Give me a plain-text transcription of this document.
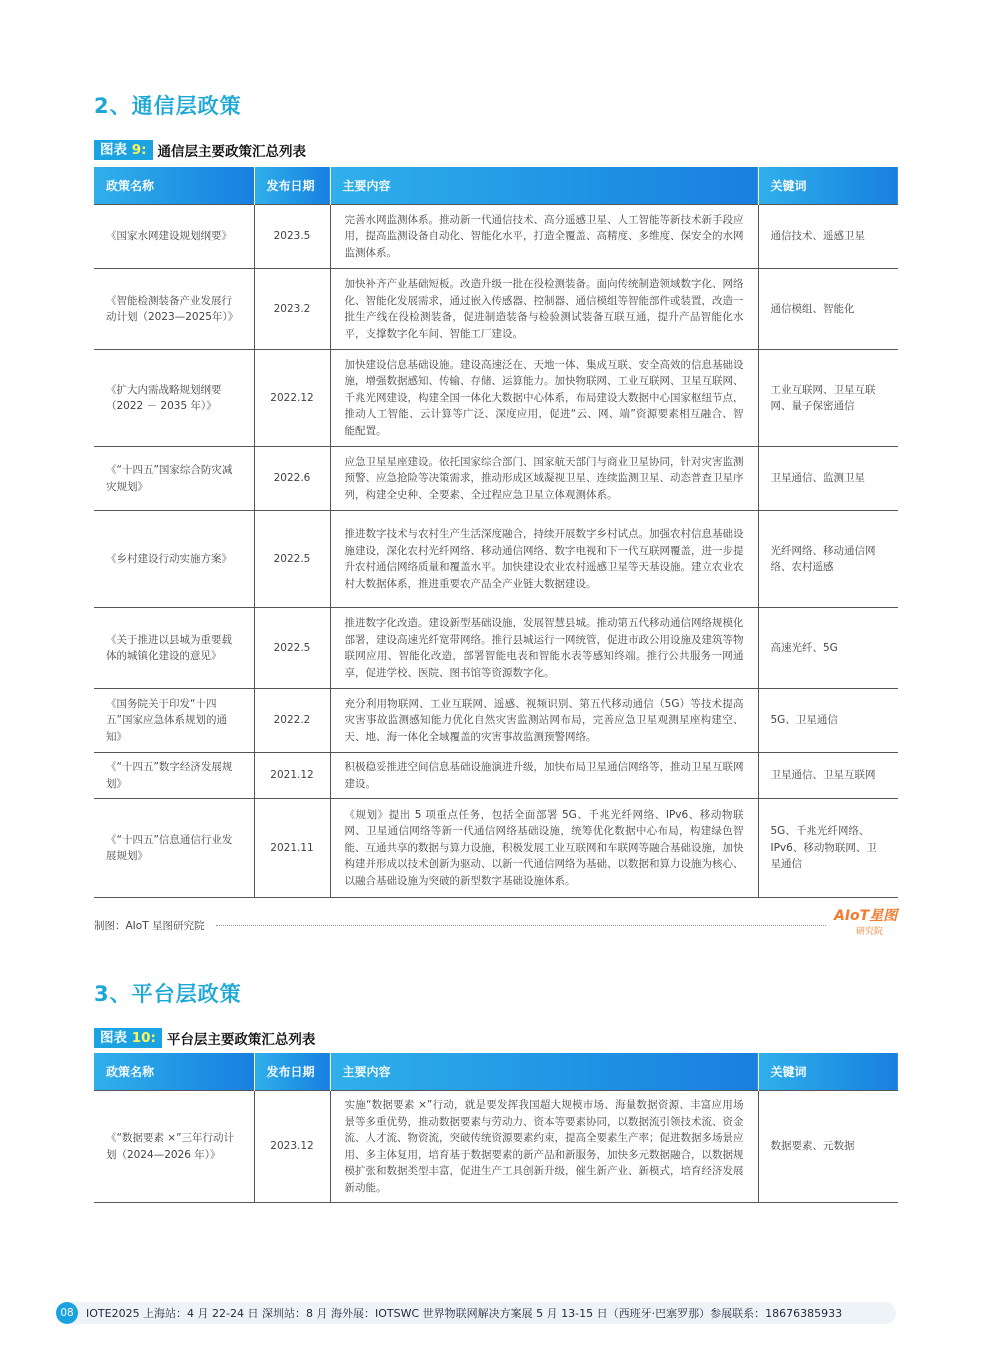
2、通信层政策
图表 9: 通信层主要政策汇总列表
政策名称	发布日期	主要内容	关键词
《国家水网建设规划纲要》	2023.5	完善水网监测体系。推动新一代通信技术、高分遥感卫星、人工智能等新技术新手段应用，提高监测设备自动化、智能化水平，打造全覆盖、高精度、多维度、保安全的水网监测体系。	通信技术、遥感卫星
《智能检测装备产业发展行动计划（2023—2025年）》	2023.2	加快补齐产业基础短板。改造升级一批在役检测装备。面向传统制造领域数字化、网络化、智能化发展需求，通过嵌入传感器、控制器、通信模组等智能部件或装置，改造一批生产线在役检测装备，促进制造装备与检验测试装备互联互通，提升产品智能化水平，支撑数字化车间、智能工厂建设。	通信模组、智能化
《扩大内需战略规划纲要（2022 － 2035 年）》	2022.12	加快建设信息基础设施。建设高速泛在、天地一体、集成互联、安全高效的信息基础设施，增强数据感知、传输、存储、运算能力。加快物联网、工业互联网、卫星互联网、千兆光网建设，构建全国一体化大数据中心体系，布局建设大数据中心国家枢纽节点，推动人工智能、云计算等广泛、深度应用，促进“云、网、端”资源要素相互融合、智能配置。	工业互联网、卫星互联网、量子保密通信
《“十四五”国家综合防灾减灾规划》	2022.6	应急卫星星座建设。依托国家综合部门、国家航天部门与商业卫星协同，针对灾害监测预警、应急抢险等决策需求，推动形成区域凝视卫星、连续监测卫星、动态普查卫星序列，构建全史种、全要素、全过程应急卫星立体观测体系。	卫星通信、监测卫星
《乡村建设行动实施方案》	2022.5	推进数字技术与农村生产生活深度融合，持续开展数字乡村试点。加强农村信息基础设施建设，深化农村光纤网络、移动通信网络、数字电视和下一代互联网覆盖，进一步提升农村通信网络质量和覆盖水平。加快建设农业农村遥感卫星等天基设施。建立农业农村大数据体系，推进重要农产品全产业链大数据建设。	光纤网络、移动通信网络、农村遥感
《关于推进以县城为重要载体的城镇化建设的意见》	2022.5	推进数字化改造。建设新型基础设施，发展智慧县城。推动第五代移动通信网络规模化部署，建设高速光纤宽带网络。推行县城运行一网统管，促进市政公用设施及建筑等物联网应用、智能化改造，部署智能电表和智能水表等感知终端。推行公共服务一网通享，促进学校、医院、图书馆等资源数字化。	高速光纤、5G
《国务院关于印发“十四五”国家应急体系规划的通知》	2022.2	充分利用物联网、工业互联网、遥感、视频识别、第五代移动通信（5G）等技术提高灾害事故监测感知能力优化自然灾害监测站网布局，完善应急卫星观测星座构建空、天、地、海一体化全域覆盖的灾害事故监测预警网络。	5G、卫星通信
《“十四五”数字经济发展规划》	2021.12	积极稳妥推进空间信息基础设施演进升级，加快布局卫星通信网络等，推动卫星互联网建设。	卫星通信、卫星互联网
《“十四五”信息通信行业发展规划》	2021.11	《规划》提出 5 项重点任务，包括全面部署 5G、千兆光纤网络、IPv6、移动物联网、卫星通信网络等新一代通信网络基础设施，统筹优化数据中心布局，构建绿色智能、互通共享的数据与算力设施，积极发展工业互联网和车联网等融合基础设施，加快构建并形成以技术创新为驱动、以新一代通信网络为基础、以数据和算力设施为核心、以融合基础设施为突破的新型数字基础设施体系。	5G、千兆光纤网络、IPv6、移动物联网、卫星通信
制图：AIoT 星图研究院
AIoT星图
研究院
3、平台层政策
图表 10: 平台层主要政策汇总列表
政策名称	发布日期	主要内容	关键词
《“数据要素 ×”三年行动计划（2024—2026 年）》	2023.12	实施“数据要素 ×”行动，就是要发挥我国超大规模市场、海量数据资源、丰富应用场景等多重优势，推动数据要素与劳动力、资本等要素协同，以数据流引领技术流、资金流、人才流、物资流，突破传统资源要素约束，提高全要素生产率；促进数据多场景应用、多主体复用，培育基于数据要素的新产品和新服务，加快多元数据融合，以数据规模扩张和数据类型丰富，促进生产工具创新升级，催生新产业、新模式，培育经济发展新动能。	数据要素、元数据
08	IOTE2025 上海站：4 月 22-24 日 深圳站：8 月 海外展：IOTSWC 世界物联网解决方案展 5 月 13-15 日（西班牙·巴塞罗那）参展联系：18676385933
